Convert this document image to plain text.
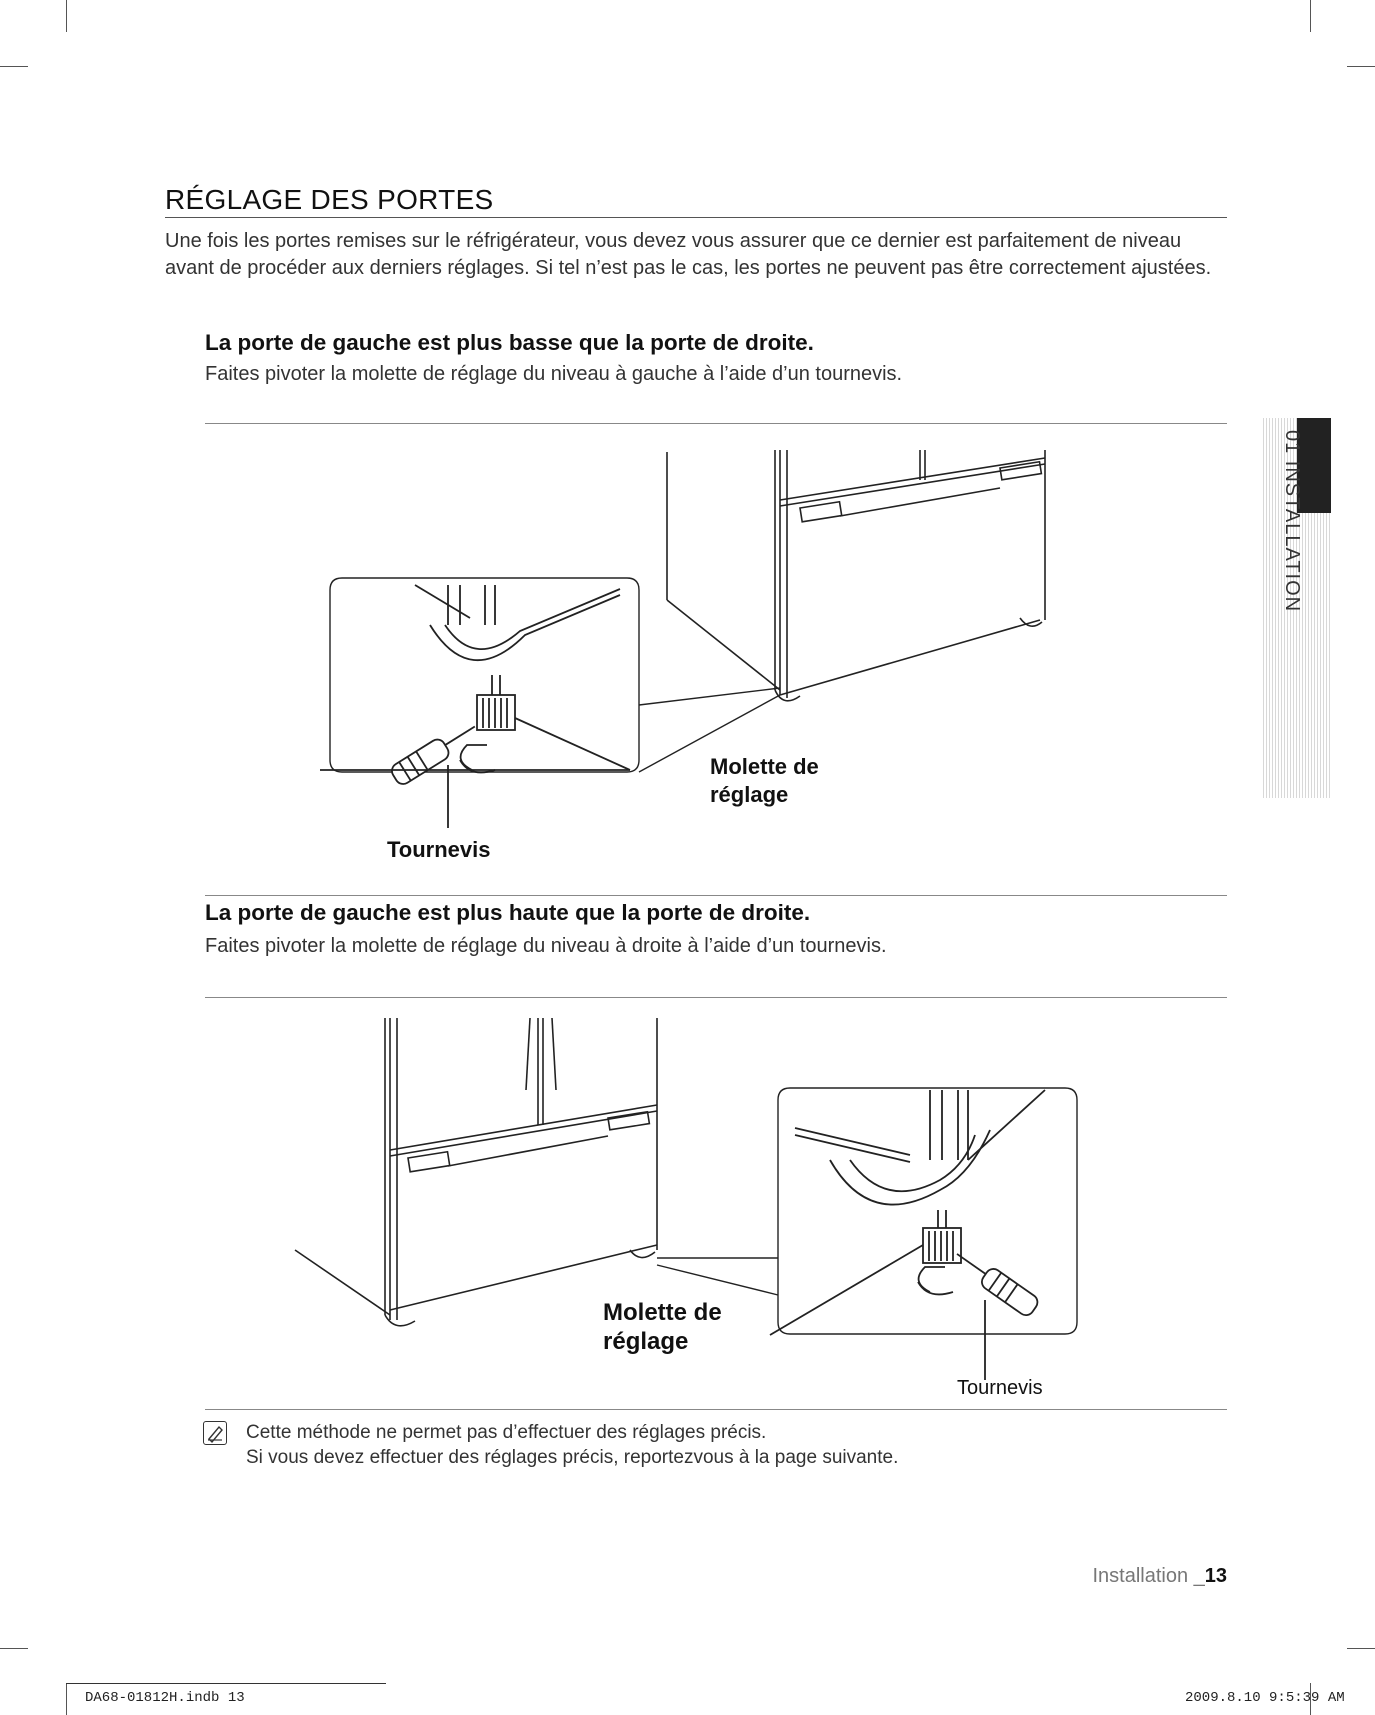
RÉGLAGE DES PORTES
Une fois les portes remises sur le réfrigérateur, vous devez vous assurer que ce dernier est parfaitement de niveau avant de procéder aux derniers réglages. Si tel n’est pas le cas, les portes ne peuvent pas être correctement ajustées.
La porte de gauche est plus basse que la porte de droite.
Faites pivoter la molette de réglage du niveau à gauche à l’aide d’un tournevis.
Molette de
réglage
Tournevis
La porte de gauche est plus haute que la porte de droite.
Faites pivoter la molette de réglage du niveau à droite à l’aide d’un tournevis.
Molette de
réglage
Tournevis
Cette méthode ne permet pas d’effectuer des réglages précis.
Si vous devez effectuer des réglages précis, reportezvous à la page suivante.
Installation _13
01 INSTALLATION
DA68-01812H.indb 13	2009.8.10 9:5:39 AM
